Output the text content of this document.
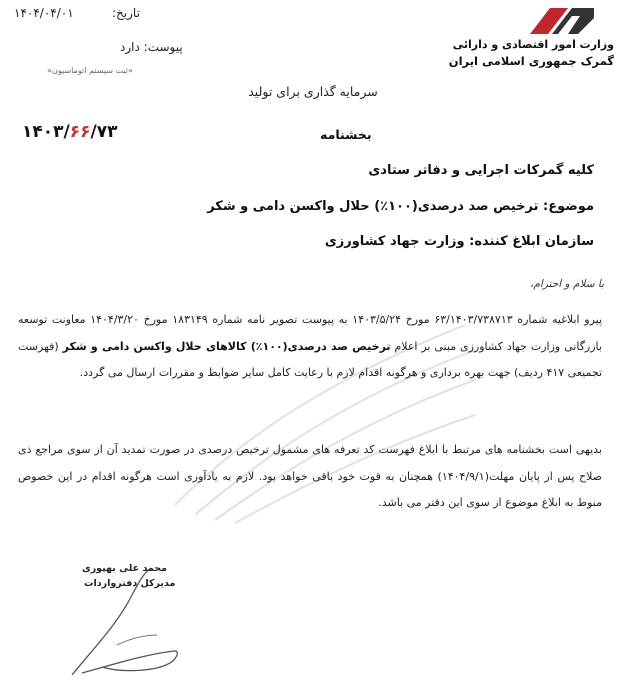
۱۴۰۴/۰۴/۰۱	تاریخ:
پیوست: دارد
«ثبت سیستم اتوماسیون»
وزارت امور اقتصادی و دارائی
گمرک جمهوری اسلامی ایران
سرمایه گذاری برای تولید
۱۴۰۳/۶۶/۷۳	بخشنامه
کلیه گمرکات اجرایی و دفاتر ستادی
موضوع: ترخیص صد درصدی(۱۰۰٪) حلال واکسن دامی و شکر
سازمان ابلاغ کننده: وزارت جهاد کشاورزی
با سلام و احترام،

پیرو ابلاغیه شماره ۶۳/۱۴۰۳/۷۳۸۷۱۳ مورخ ۱۴۰۳/۵/۲۴ به پیوست تصویر نامه شماره ۱۸۳۱۴۹ مورخ ۱۴۰۴/۳/۲۰ معاونت توسعه بازرگانی وزارت جهاد کشاورزی مبنی بر اعلام ترخیص صد درصدی(۱۰۰٪) کالاهای حلال واکسن دامی و شکر (فهرست تجمیعی ۴۱۷ ردیف) جهت بهره برداری و هرگونه اقدام لازم با رعایت کامل سایر ضوابط و مقررات ارسال می گردد.

بدیهی است بخشنامه های مرتبط با ابلاغ فهرست کد تعرفه های مشمول ترخیص درصدی در صورت تمدید آن از سوی مراجع ذی صلاح پس از پایان مهلت(۱۴۰۴/۹/۱) همچنان به قوت خود باقی خواهد بود. لازم به یادآوری است هرگونه اقدام در این خصوص منوط به ابلاغ موضوع از سوی این دفتر می باشد.

محمد علی بهپوری
مدیرکل دفترواردات
